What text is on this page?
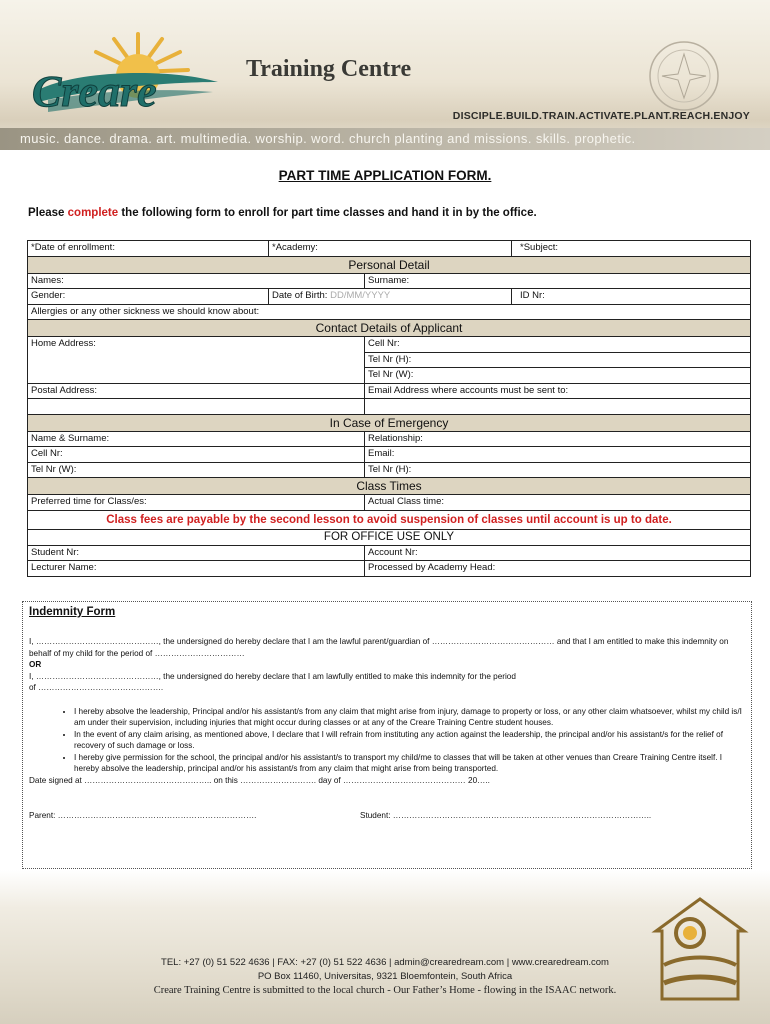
Creare	Training Centre
DISCIPLE.BUILD.TRAIN.ACTIVATE.PLANT.REACH.ENJOY
music. dance. drama. art. multimedia. worship. word. church planting and missions. skills. prophetic.
PART TIME APPLICATION FORM.
Please complete the following form to enroll for part time classes and hand it in by the office.
*Date of enrollment:	*Academy:		*Subject:
Personal Detail			
Names:		Surname:	
Gender:	Date of Birth: DD/MM/YYYY		ID Nr:
Allergies or any other sickness we should know about:			
Contact Details of Applicant			
Home Address:		Cell Nr:	
		Tel Nr (H):	
		Tel Nr (W):	
Postal Address:		Email Address where accounts must be sent to:	

In Case of Emergency			
Name & Surname:		Relationship:	
Cell Nr:		Email:	
Tel Nr (W):		Tel Nr (H):	
Class Times			
Preferred time for Class/es:		Actual Class time:	
Class fees are payable by the second lesson to avoid suspension of classes until account is up to date.			
FOR OFFICE USE ONLY			
Student Nr:		Account Nr:	
Lecturer Name:		Processed by Academy Head:	
Indemnity Form

I, ………………………………………, the undersigned do hereby declare that I am the lawful parent/guardian of ……………………………………… and that I am entitled to make this indemnity on behalf of my child for the period of ……………………………

OR

I, ………………………………………, the undersigned do hereby declare that I am lawfully entitled to make this indemnity for the period

of ……………………………………….

• I hereby absolve the leadership, Principal and/or his assistant/s from any claim that might arise from injury, damage to property or loss, or any other claim whatsoever, whilst my child is/I am under their supervision, including injuries that might occur during classes or at any of the Creare Training Centre student houses.
• In the event of any claim arising, as mentioned above, I declare that I will refrain from instituting any action against the leadership, the principal and/or his assistant/s for the relief of recovery of such damage or loss.
• I hereby give permission for the school, the principal and/or his assistant/s to transport my child/me to classes that will be taken at other venues than Creare Training Centre itself. I hereby absolve the leadership, principal and/or his assistant/s from any claim that might arise from being transported.

Date signed at ……………………………………….. on this ………………………. day of ……………………………………… 20…..

Parent: ……………………………………………………………….	Student: …………………………………………………………………………………..
TEL: +27 (0) 51 522 4636 | FAX: +27 (0) 51 522 4636 | admin@crearedream.com | www.crearedream.com
PO Box 11460, Universitas, 9321 Bloemfontein, South Africa
Creare Training Centre is submitted to the local church - Our Father’s Home - flowing in the ISAAC network.
